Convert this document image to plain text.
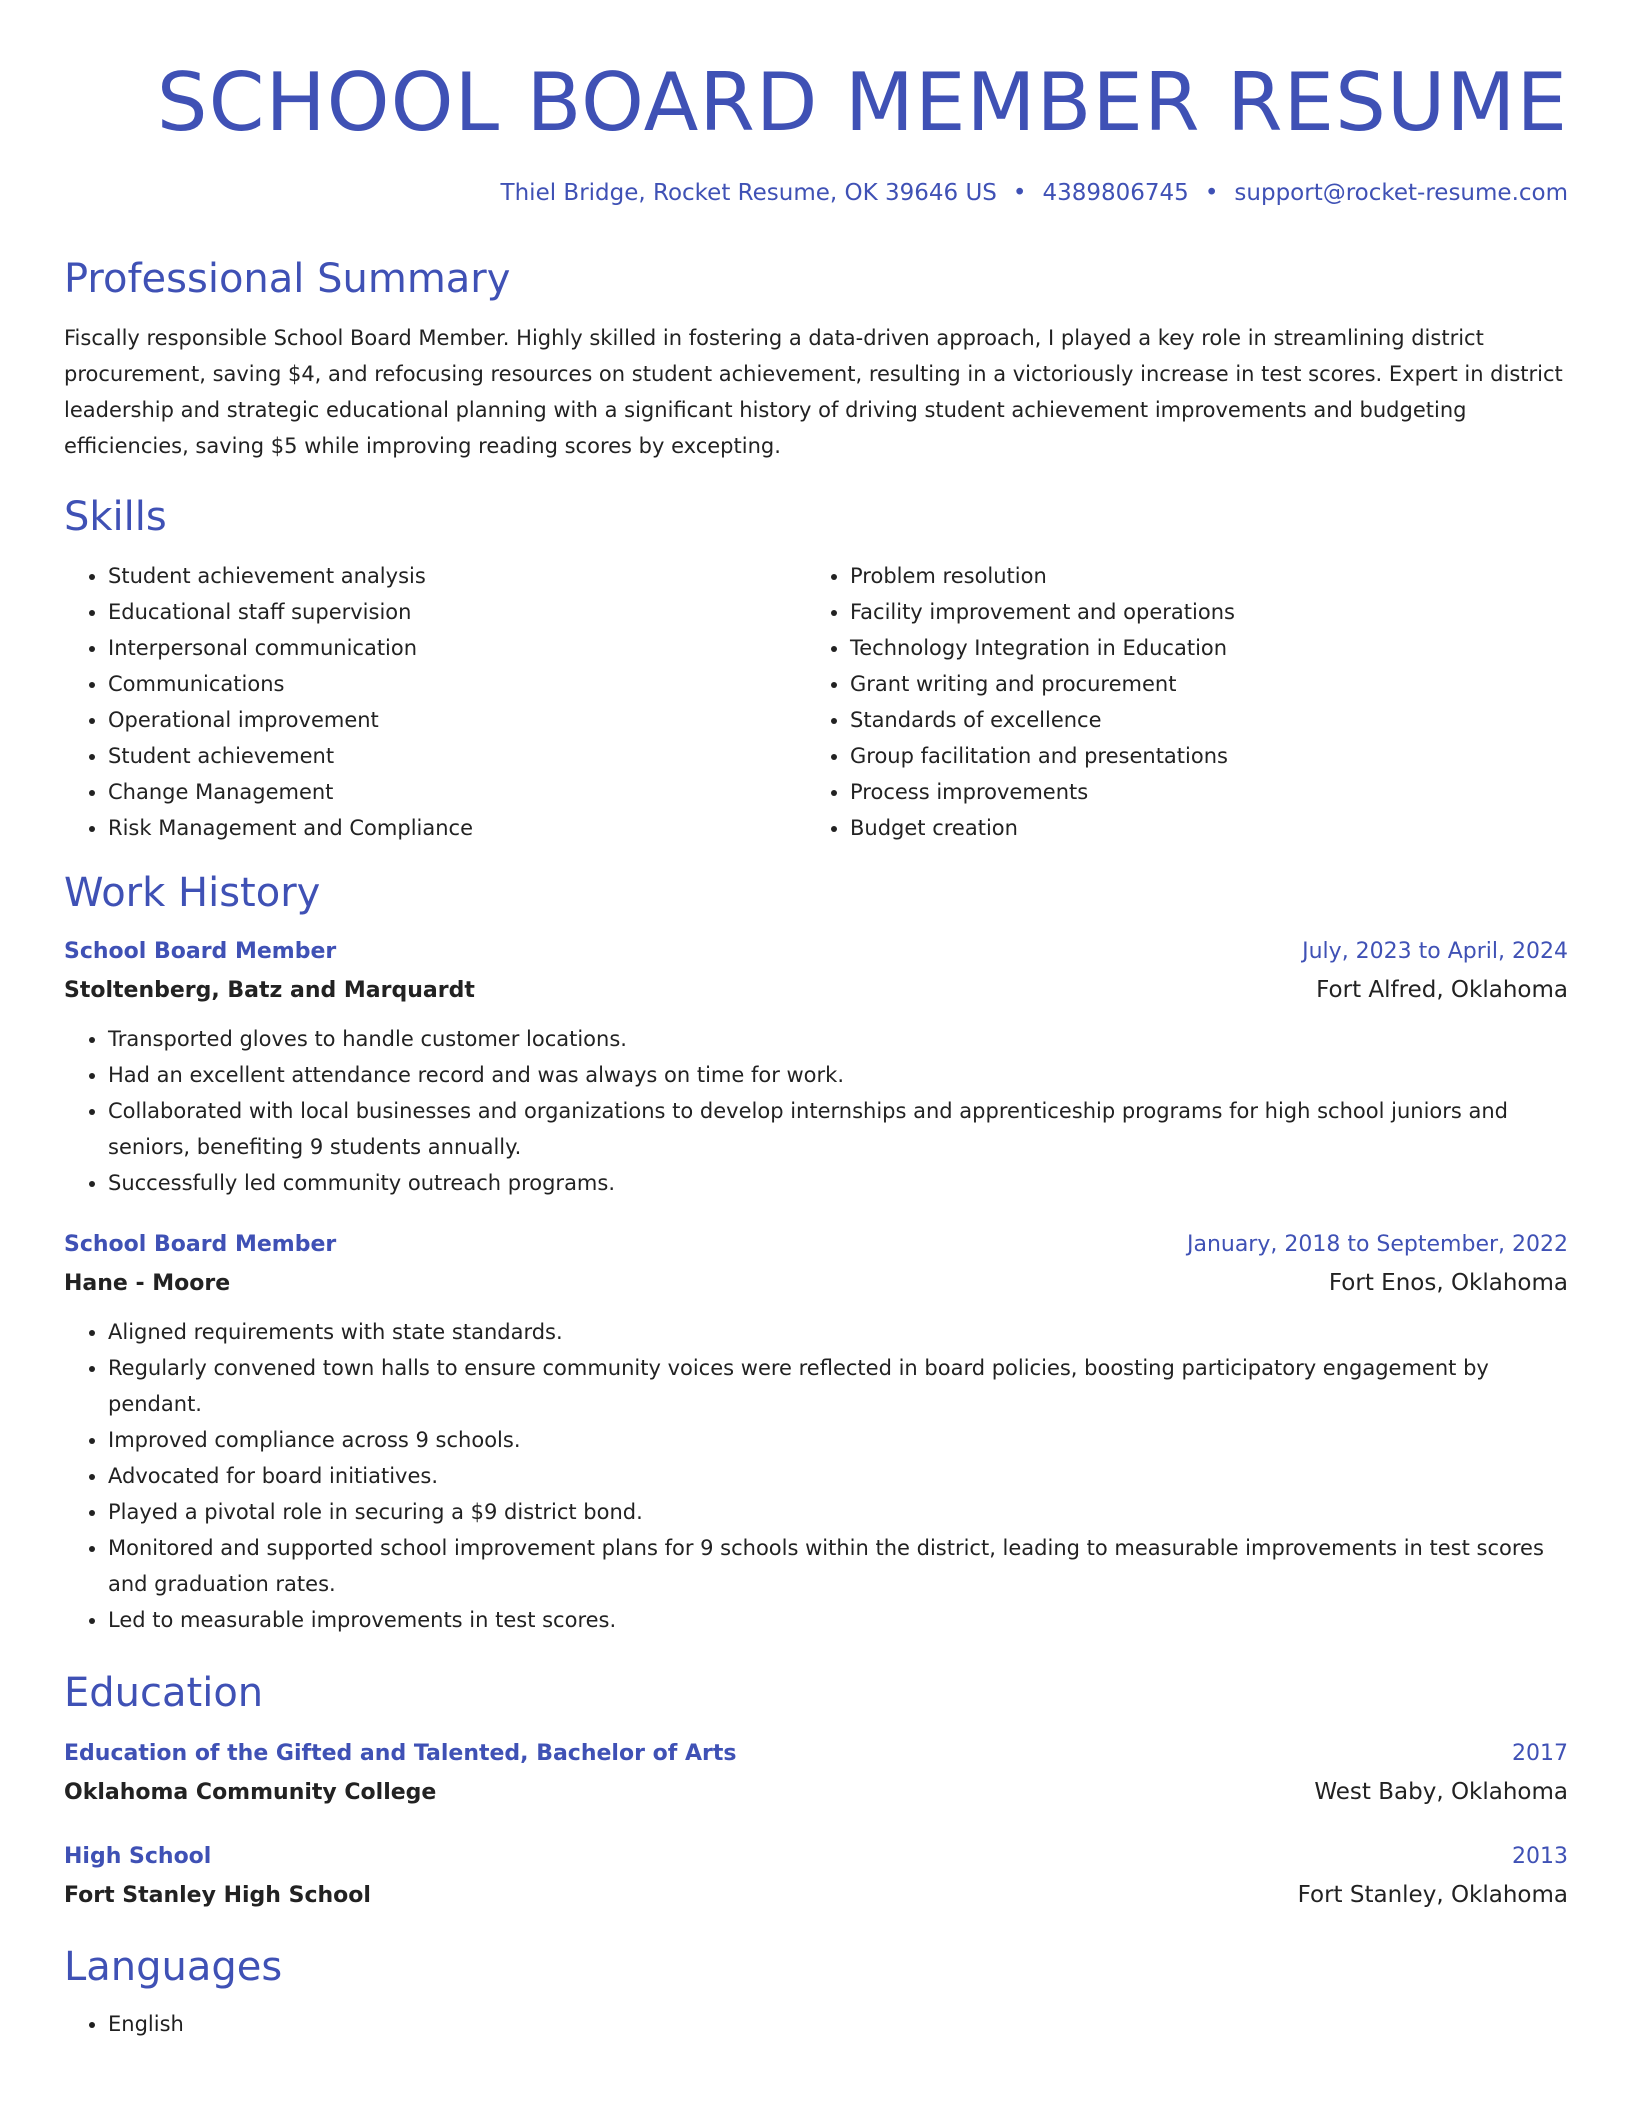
SCHOOL BOARD MEMBER RESUME
Thiel Bridge, Rocket Resume, OK 39646 US • 4389806745 • support@rocket-resume.com
Professional Summary
Fiscally responsible School Board Member. Highly skilled in fostering a data-driven approach, I played a key role in streamlining district procurement, saving $4, and refocusing resources on student achievement, resulting in a victoriously increase in test scores. Expert in district leadership and strategic educational planning with a significant history of driving student achievement improvements and budgeting efficiencies, saving $5 while improving reading scores by excepting.
Skills
• Student achievement analysis
• Educational staff supervision
• Interpersonal communication
• Communications
• Operational improvement
• Student achievement
• Change Management
• Risk Management and Compliance
• Problem resolution
• Facility improvement and operations
• Technology Integration in Education
• Grant writing and procurement
• Standards of excellence
• Group facilitation and presentations
• Process improvements
• Budget creation
Work History
School Board Member	July, 2023 to April, 2024
Stoltenberg, Batz and Marquardt	Fort Alfred, Oklahoma
• Transported gloves to handle customer locations.
• Had an excellent attendance record and was always on time for work.
• Collaborated with local businesses and organizations to develop internships and apprenticeship programs for high school juniors and seniors, benefiting 9 students annually.
• Successfully led community outreach programs.
School Board Member	January, 2018 to September, 2022
Hane - Moore	Fort Enos, Oklahoma
• Aligned requirements with state standards.
• Regularly convened town halls to ensure community voices were reflected in board policies, boosting participatory engagement by pendant.
• Improved compliance across 9 schools.
• Advocated for board initiatives.
• Played a pivotal role in securing a $9 district bond.
• Monitored and supported school improvement plans for 9 schools within the district, leading to measurable improvements in test scores and graduation rates.
• Led to measurable improvements in test scores.
Education
Education of the Gifted and Talented, Bachelor of Arts	2017
Oklahoma Community College	West Baby, Oklahoma
High School	2013
Fort Stanley High School	Fort Stanley, Oklahoma
Languages
• English
